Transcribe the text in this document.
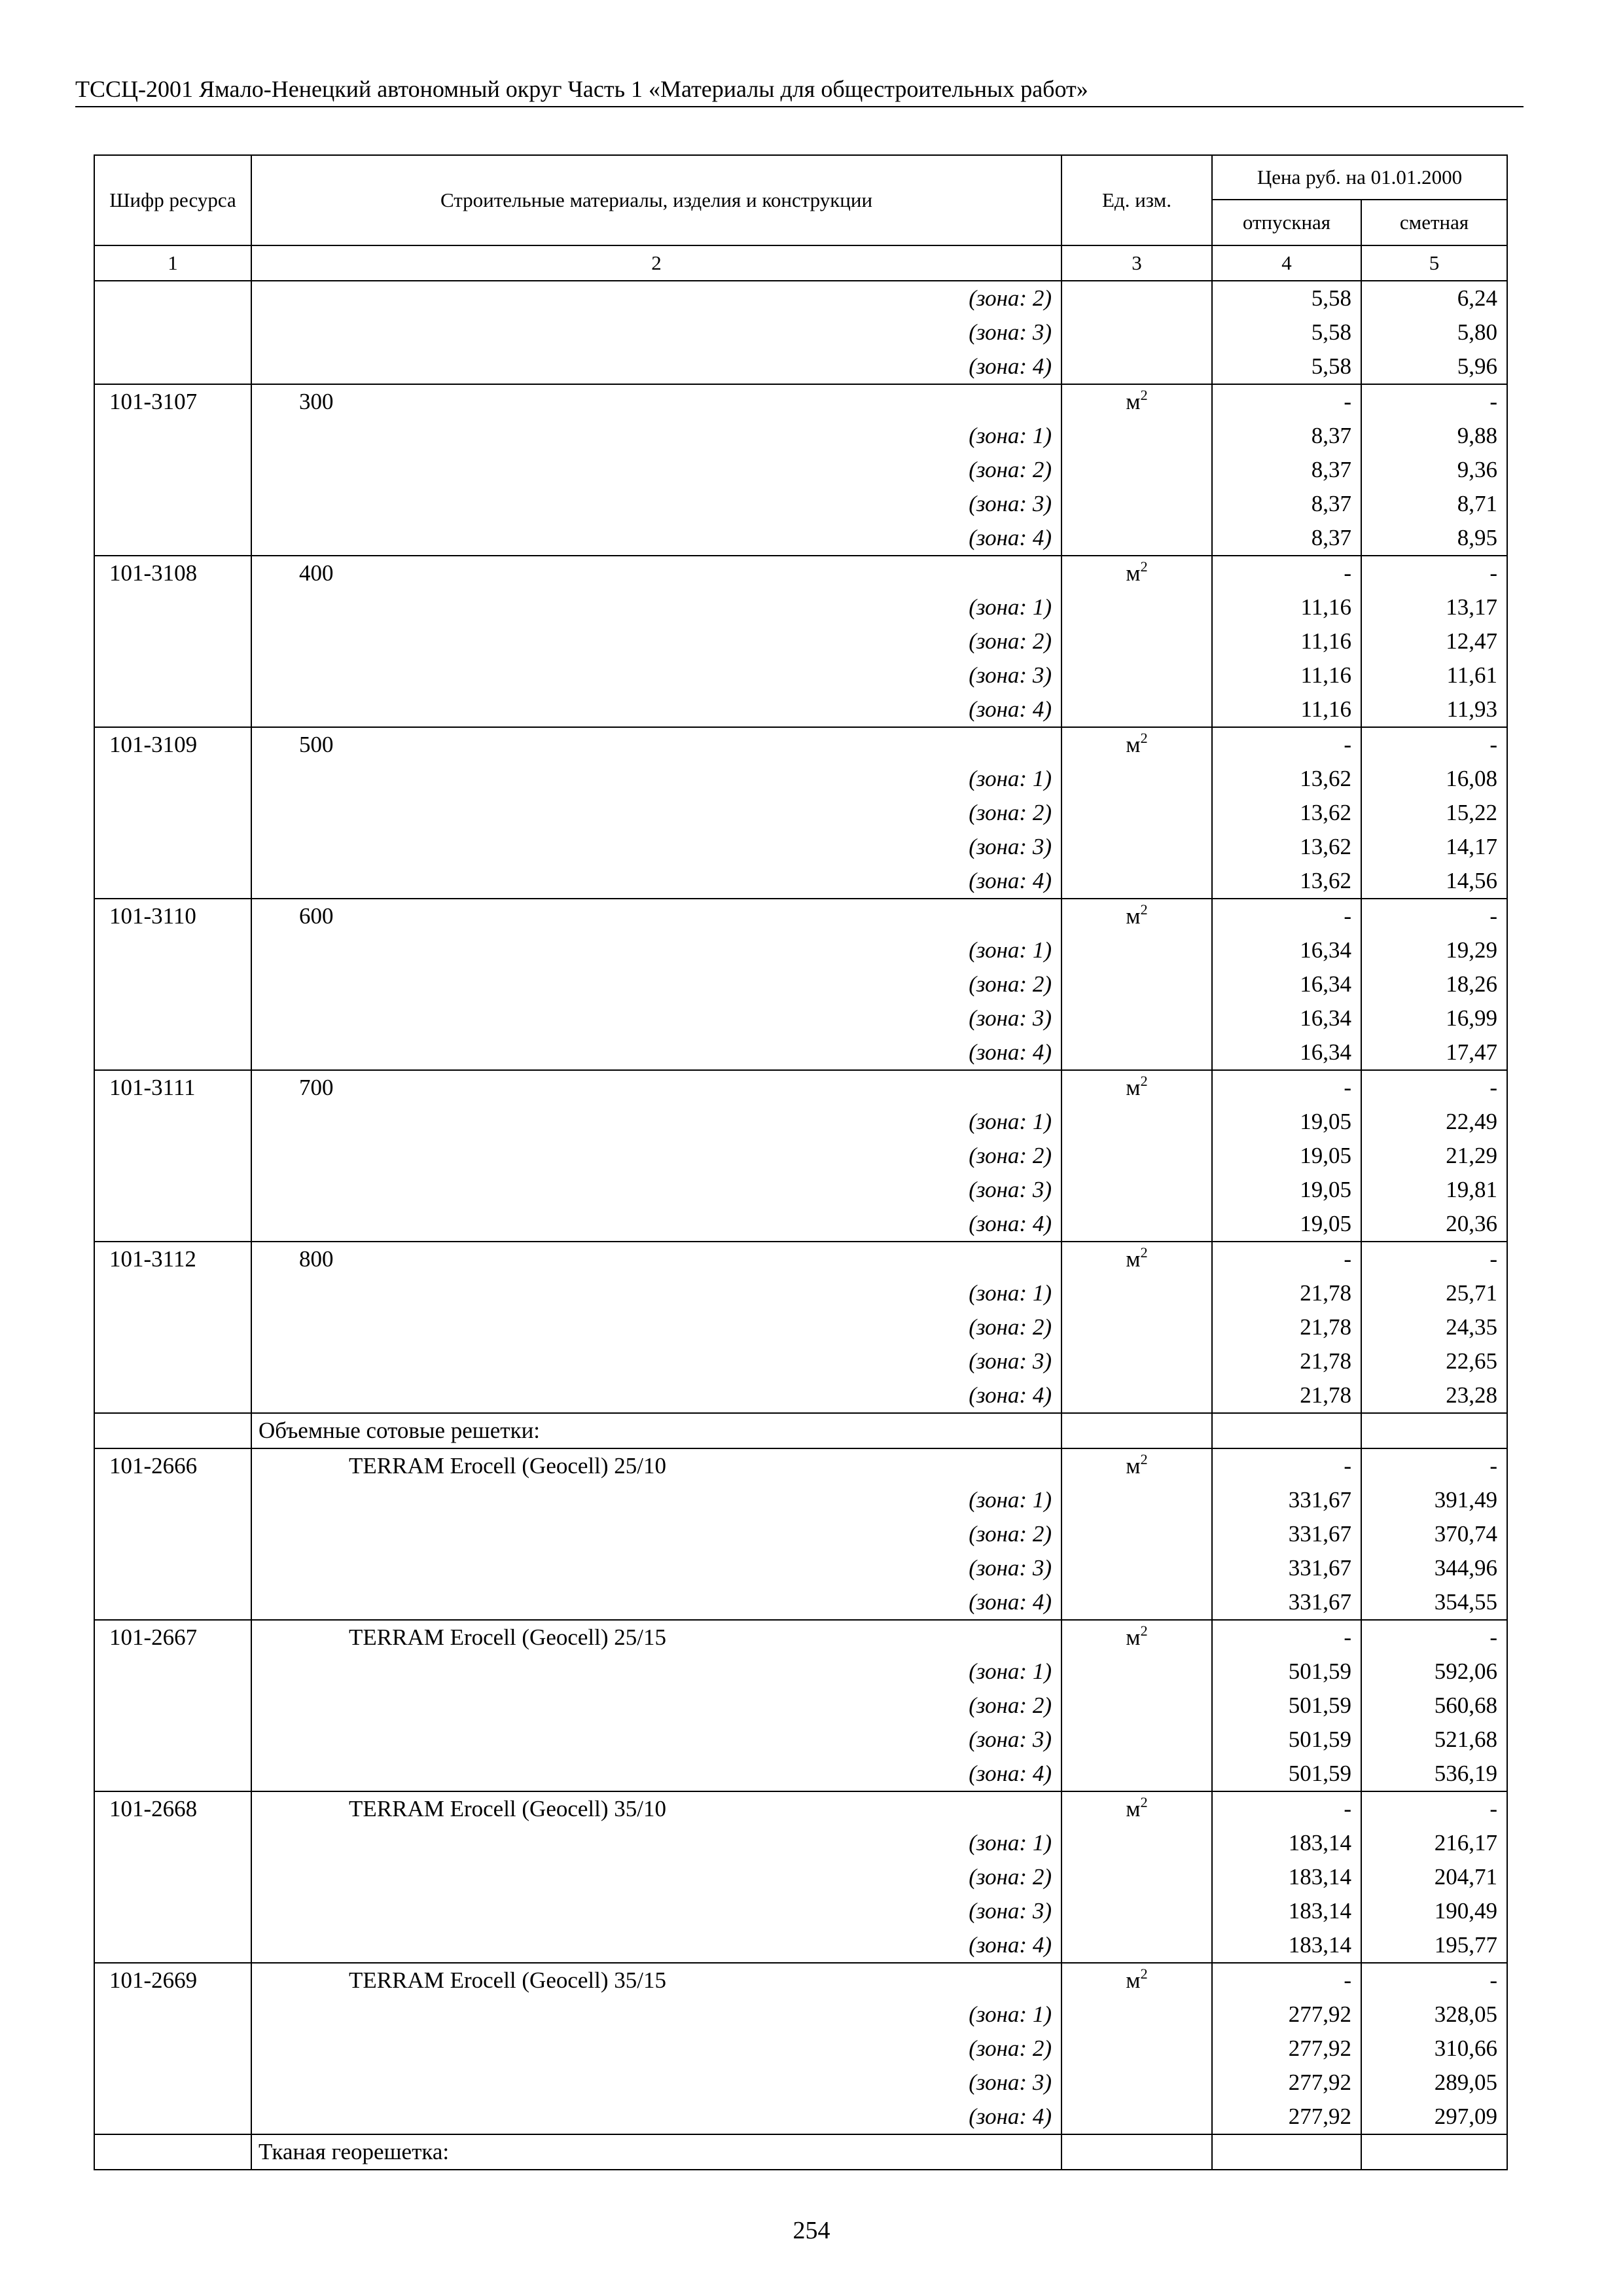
ТССЦ-2001 Ямало-Ненецкий автономный округ Часть 1 «Материалы для общестроительных работ»
Шифр ресурса	Строительные материалы, изделия и конструкции	Ед. изм.	Цена руб. на 01.01.2000	
			отпускная	сметная
1	2	3	4	5
	(зона: 2)		5,58	6,24
	(зона: 3)		5,58	5,80
	(зона: 4)		5,58	5,96
101-3107	300	$м^2$	-	-
	(зона: 1)		8,37	9,88
	(зона: 2)		8,37	9,36
	(зона: 3)		8,37	8,71
	(зона: 4)		8,37	8,95
101-3108	400	$м^2$	-	-
	(зона: 1)		11,16	13,17
	(зона: 2)		11,16	12,47
	(зона: 3)		11,16	11,61
	(зона: 4)		11,16	11,93
101-3109	500	$м^2$	-	-
	(зона: 1)		13,62	16,08
	(зона: 2)		13,62	15,22
	(зона: 3)		13,62	14,17
	(зона: 4)		13,62	14,56
101-3110	600	$м^2$	-	-
	(зона: 1)		16,34	19,29
	(зона: 2)		16,34	18,26
	(зона: 3)		16,34	16,99
	(зона: 4)		16,34	17,47
101-3111	700	$м^2$	-	-
	(зона: 1)		19,05	22,49
	(зона: 2)		19,05	21,29
	(зона: 3)		19,05	19,81
	(зона: 4)		19,05	20,36
101-3112	800	$м^2$	-	-
	(зона: 1)		21,78	25,71
	(зона: 2)		21,78	24,35
	(зона: 3)		21,78	22,65
	(зона: 4)		21,78	23,28
	Объемные сотовые решетки:			
101-2666	TERRAM Erocell (Geocell) 25/10	$м^2$	-	-
	(зона: 1)		331,67	391,49
	(зона: 2)		331,67	370,74
	(зона: 3)		331,67	344,96
	(зона: 4)		331,67	354,55
101-2667	TERRAM Erocell (Geocell) 25/15	$м^2$	-	-
	(зона: 1)		501,59	592,06
	(зона: 2)		501,59	560,68
	(зона: 3)		501,59	521,68
	(зона: 4)		501,59	536,19
101-2668	TERRAM Erocell (Geocell) 35/10	$м^2$	-	-
	(зона: 1)		183,14	216,17
	(зона: 2)		183,14	204,71
	(зона: 3)		183,14	190,49
	(зона: 4)		183,14	195,77
101-2669	TERRAM Erocell (Geocell) 35/15	$м^2$	-	-
	(зона: 1)		277,92	328,05
	(зона: 2)		277,92	310,66
	(зона: 3)		277,92	289,05
	(зона: 4)		277,92	297,09
	Тканая георешетка:			
254
